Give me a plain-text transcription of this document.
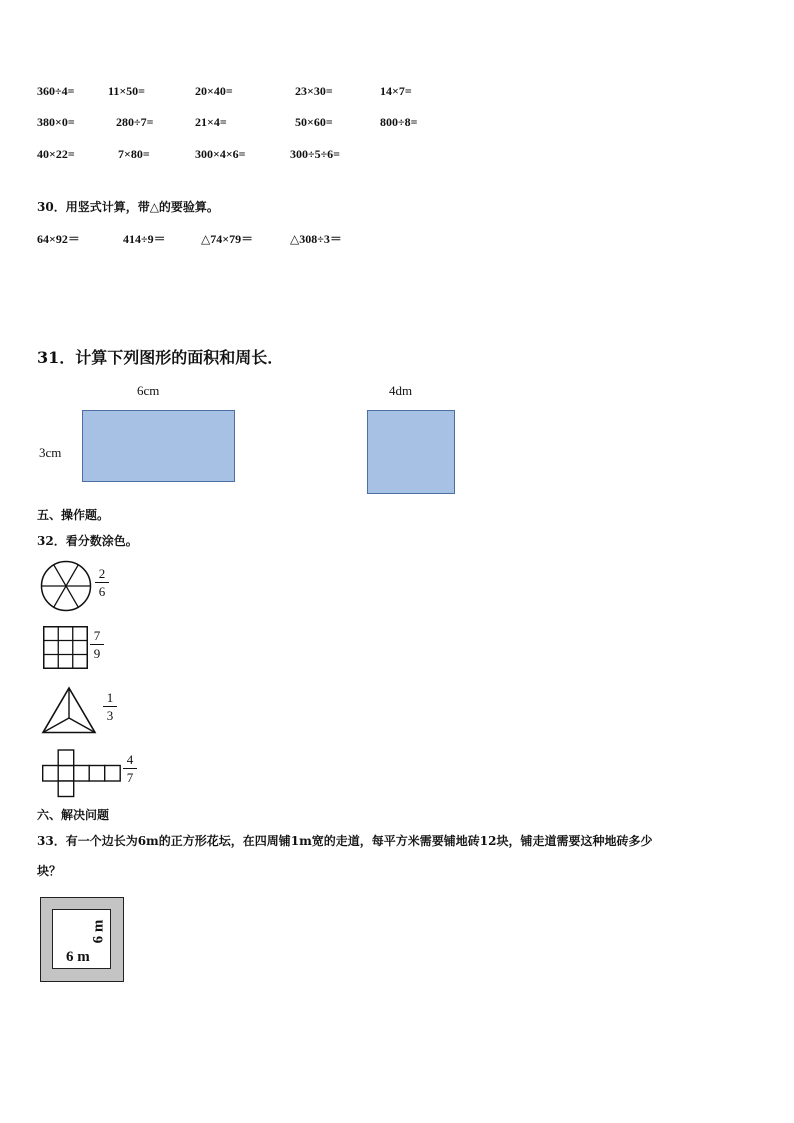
360÷4=	11×50=	20×40=	23×30=	14×7=
380×0=	280÷7=	21×4=	50×60=	800÷8=
40×22=	7×80=	300×4×6=	300÷5÷6=
30．用竖式计算，带△的要验算。
64×92＝	414÷9＝	△74×79＝	△308÷3＝
31．计算下列图形的面积和周长．
6cm
3cm
4dm
五、操作题。
32．看分数涂色。
2
6
7
9
1
3
4
7
六、解决问题
33．有一个边长为6m的正方形花坛，在四周铺1m宽的走道，每平方米需要铺地砖12块，铺走道需要这种地砖多少
块？
6 m
6 m
